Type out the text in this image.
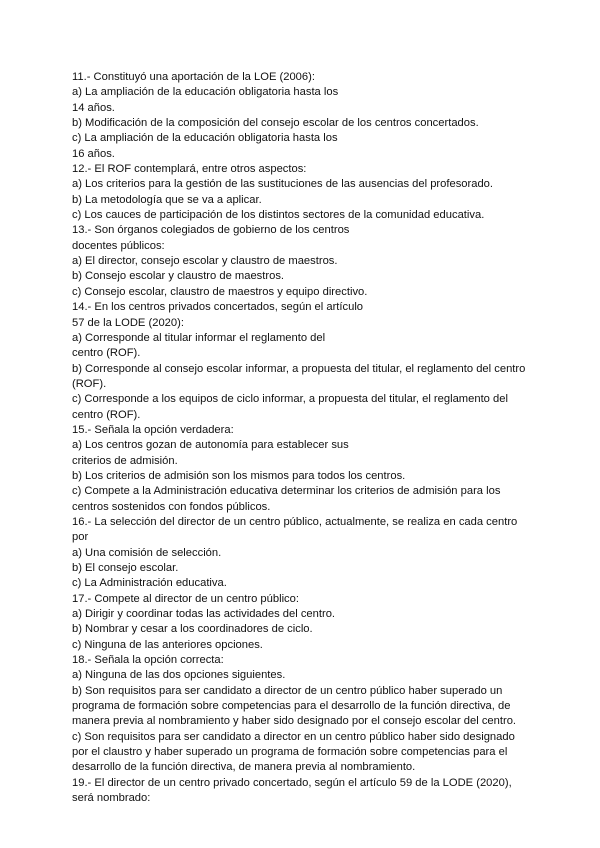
11.- Constituyó una aportación de la LOE (2006):
a) La ampliación de la educación obligatoria hasta los
14 años.
b) Modificación de la composición del consejo escolar de los centros concertados.
c) La ampliación de la educación obligatoria hasta los
16 años.
12.- El ROF contemplará, entre otros aspectos:
a) Los criterios para la gestión de las sustituciones de las ausencias del profesorado.
b) La metodología que se va a aplicar.
c) Los cauces de participación de los distintos sectores de la comunidad educativa.
13.- Son órganos colegiados de gobierno de los centros
docentes públicos:
a) El director, consejo escolar y claustro de maestros.
b) Consejo escolar y claustro de maestros.
c) Consejo escolar, claustro de maestros y equipo directivo.
14.- En los centros privados concertados, según el artículo
57 de la LODE (2020):
a) Corresponde al titular informar el reglamento del
centro (ROF).
b) Corresponde al consejo escolar informar, a propuesta del titular, el reglamento del centro
(ROF).
c) Corresponde a los equipos de ciclo informar, a propuesta del titular, el reglamento del
centro (ROF).
15.- Señala la opción verdadera:
a) Los centros gozan de autonomía para establecer sus
criterios de admisión.
b) Los criterios de admisión son los mismos para todos los centros.
c) Compete a la Administración educativa determinar los criterios de admisión para los
centros sostenidos con fondos públicos.
16.- La selección del director de un centro público, actualmente, se realiza en cada centro
por
a) Una comisión de selección.
b) El consejo escolar.
c) La Administración educativa.
17.- Compete al director de un centro público:
a) Dirigir y coordinar todas las actividades del centro.
b) Nombrar y cesar a los coordinadores de ciclo.
c) Ninguna de las anteriores opciones.
18.- Señala la opción correcta:
a) Ninguna de las dos opciones siguientes.
b) Son requisitos para ser candidato a director de un centro público haber superado un
programa de formación sobre competencias para el desarrollo de la función directiva, de
manera previa al nombramiento y haber sido designado por el consejo escolar del centro.
c) Son requisitos para ser candidato a director en un centro público haber sido designado
por el claustro y haber superado un programa de formación sobre competencias para el
desarrollo de la función directiva, de manera previa al nombramiento.
19.- El director de un centro privado concertado, según el artículo 59 de la LODE (2020),
será nombrado:
